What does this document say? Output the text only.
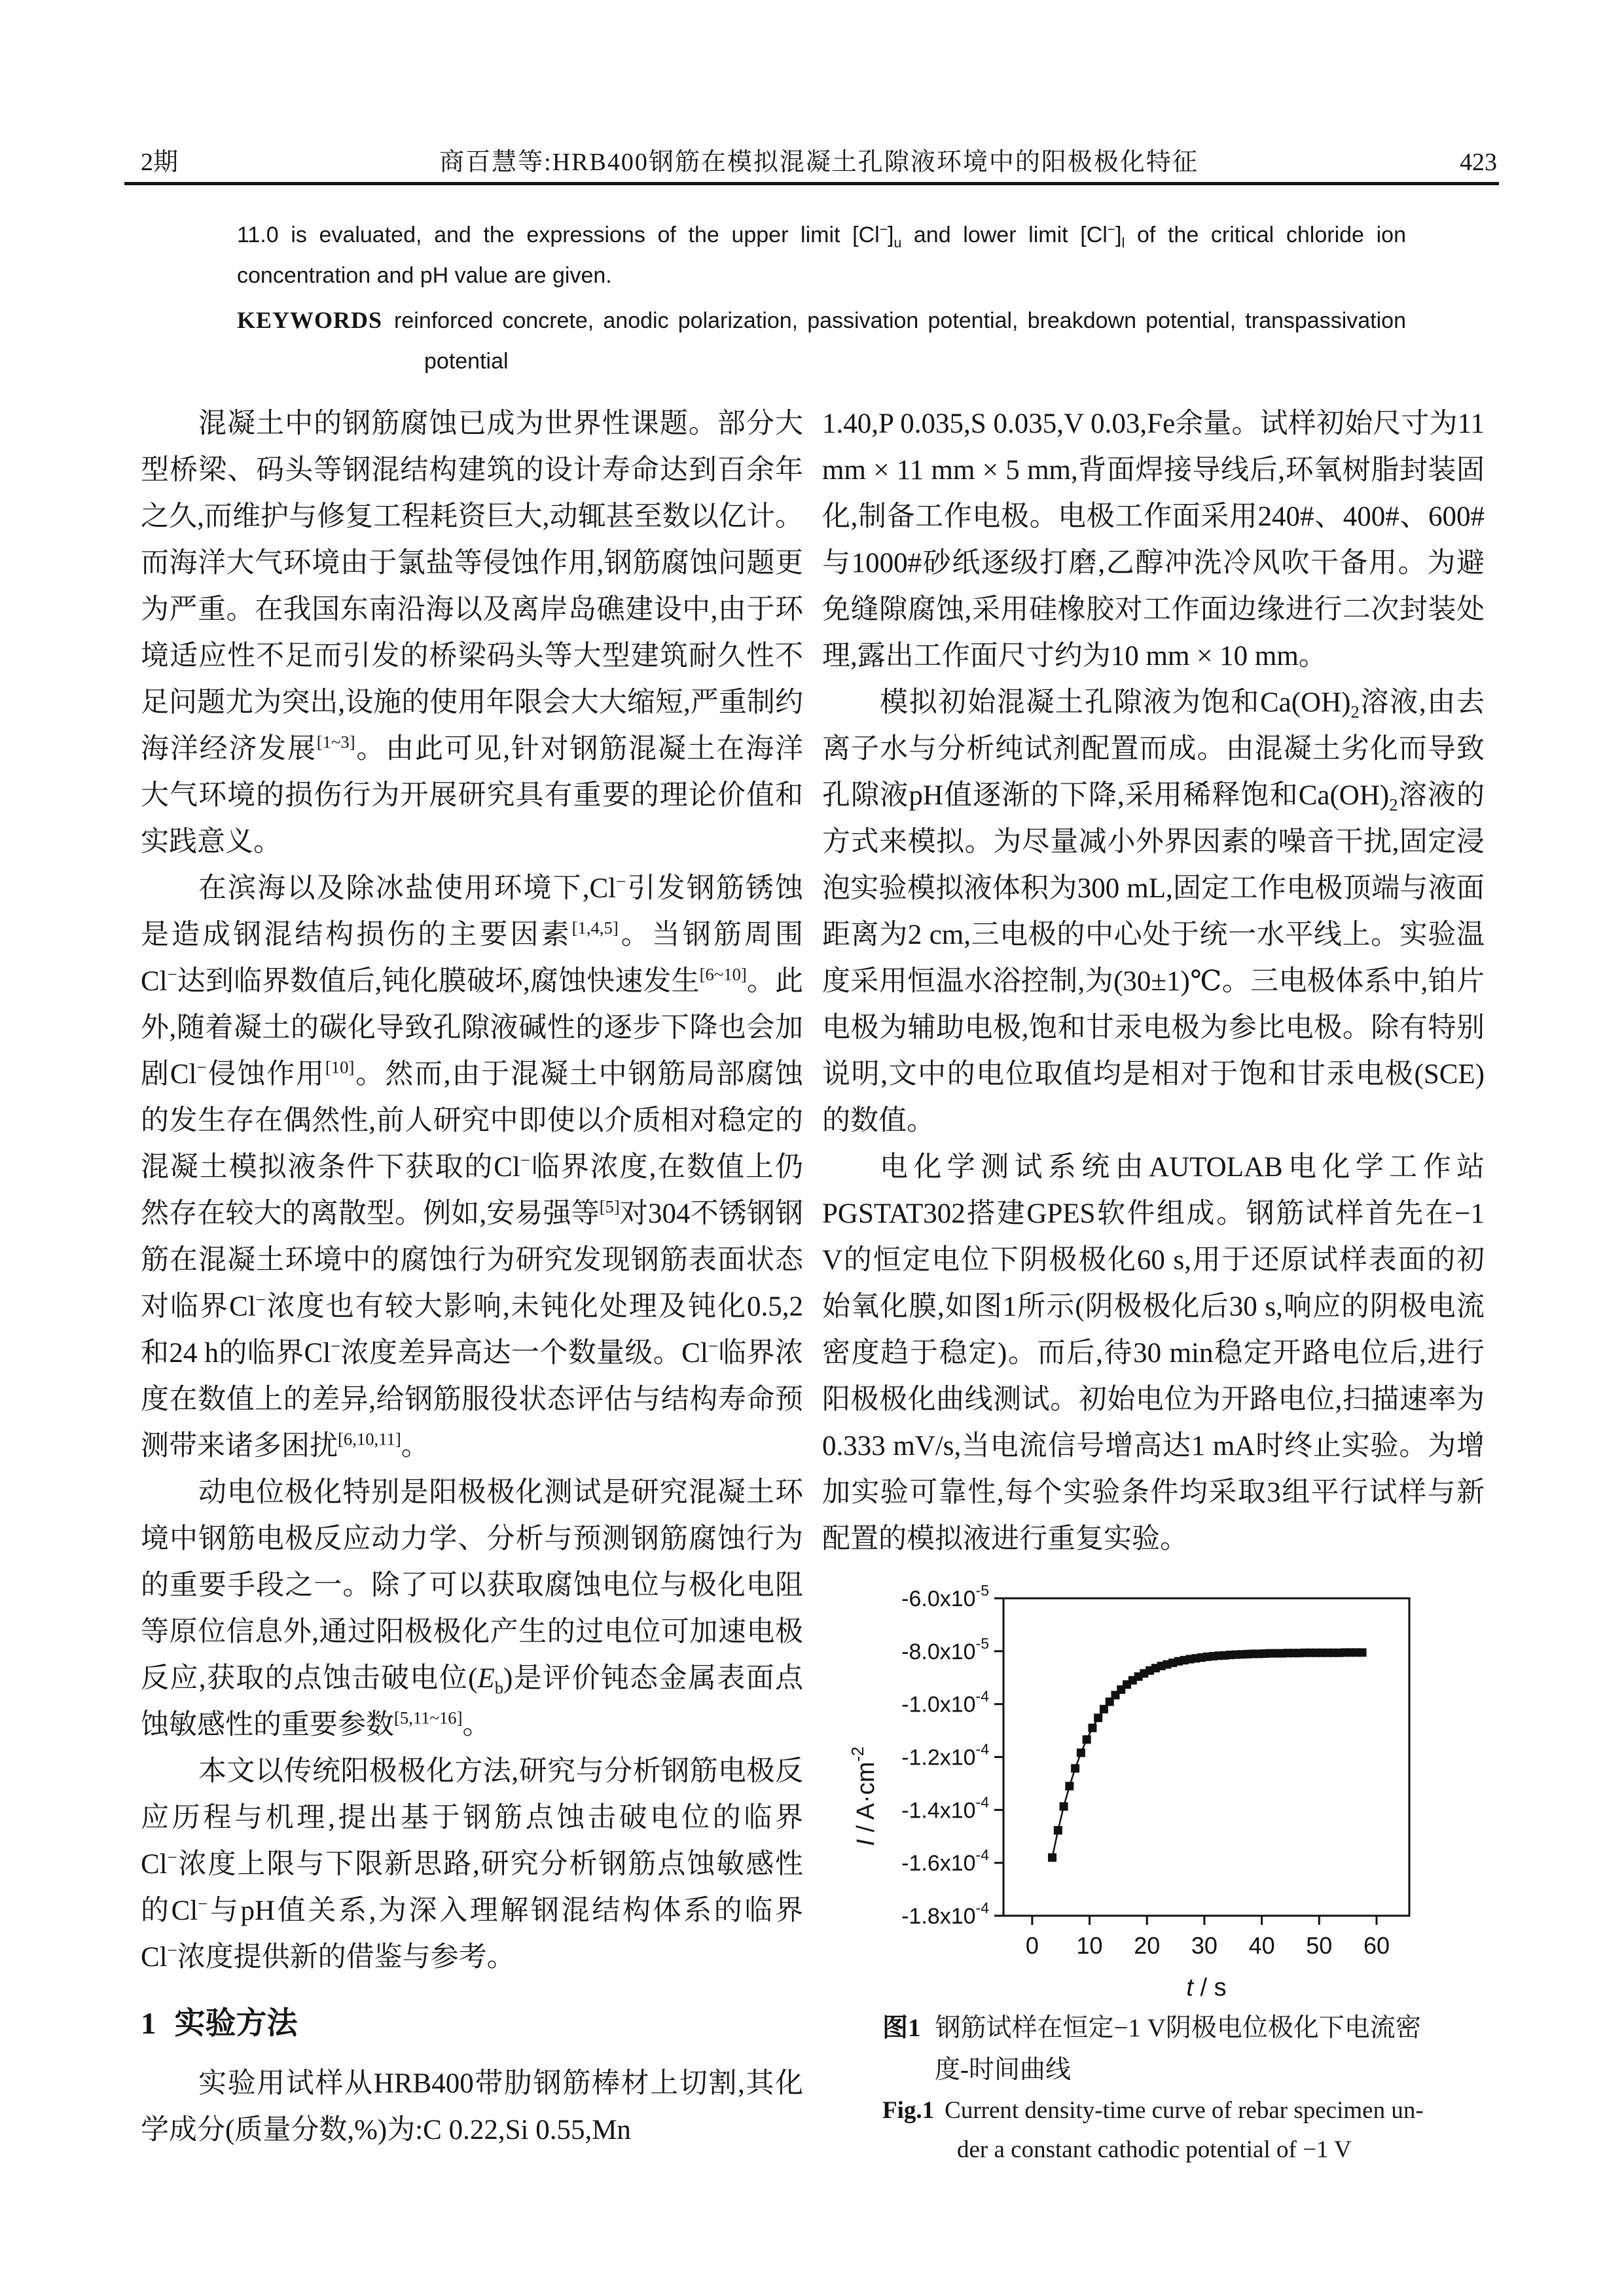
2期	商百慧等:HRB400钢筋在模拟混凝土孔隙液环境中的阳极极化特征	423

11.0 is evaluated, and the expressions of the upper limit $[Cl^-]_u$ and lower limit $[Cl^-]_l$ of the critical chloride ion concentration and pH value are given.

KEYWORDS reinforced concrete, anodic polarization, passivation potential, breakdown potential, transpassivation potential

混凝土中的钢筋腐蚀已成为世界性课题。部分大型桥梁、码头等钢混结构建筑的设计寿命达到百余年之久,而维护与修复工程耗资巨大,动辄甚至数以亿计。而海洋大气环境由于氯盐等侵蚀作用,钢筋腐蚀问题更为严重。在我国东南沿海以及离岸岛礁建设中,由于环境适应性不足而引发的桥梁码头等大型建筑耐久性不足问题尤为突出,设施的使用年限会大大缩短,严重制约海洋经济发展[1~3]。由此可见,针对钢筋混凝土在海洋大气环境的损伤行为开展研究具有重要的理论价值和实践意义。

在滨海以及除冰盐使用环境下,Cl−引发钢筋锈蚀是造成钢混结构损伤的主要因素[1,4,5]。当钢筋周围Cl−达到临界数值后,钝化膜破坏,腐蚀快速发生[6~10]。此外,随着凝土的碳化导致孔隙液碱性的逐步下降也会加剧Cl−侵蚀作用[10]。然而,由于混凝土中钢筋局部腐蚀的发生存在偶然性,前人研究中即使以介质相对稳定的混凝土模拟液条件下获取的Cl−临界浓度,在数值上仍然存在较大的离散型。例如,安易强等[5]对304不锈钢钢筋在混凝土环境中的腐蚀行为研究发现钢筋表面状态对临界Cl−浓度也有较大影响,未钝化处理及钝化0.5,2和24 h的临界Cl−浓度差异高达一个数量级。Cl−临界浓度在数值上的差异,给钢筋服役状态评估与结构寿命预测带来诸多困扰[6,10,11]。

动电位极化特别是阳极极化测试是研究混凝土环境中钢筋电极反应动力学、分析与预测钢筋腐蚀行为的重要手段之一。除了可以获取腐蚀电位与极化电阻等原位信息外,通过阳极极化产生的过电位可加速电极反应,获取的点蚀击破电位$(E_b)$是评价钝态金属表面点蚀敏感性的重要参数[5,11~16]。

本文以传统阳极极化方法,研究与分析钢筋电极反应历程与机理,提出基于钢筋点蚀击破电位的临界Cl−浓度上限与下限新思路,研究分析钢筋点蚀敏感性的Cl−与pH值关系,为深入理解钢混结构体系的临界Cl−浓度提供新的借鉴与参考。

1 实验方法

实验用试样从HRB400带肋钢筋棒材上切割,其化学成分(质量分数,%)为:C 0.22,Si 0.55,Mn

1.40,P 0.035,S 0.035,V 0.03,Fe余量。试样初始尺寸为11 mm × 11 mm × 5 mm,背面焊接导线后,环氧树脂封装固化,制备工作电极。电极工作面采用240#、400#、600#与1000#砂纸逐级打磨,乙醇冲洗冷风吹干备用。为避免缝隙腐蚀,采用硅橡胶对工作面边缘进行二次封装处理,露出工作面尺寸约为10 mm × 10 mm。

模拟初始混凝土孔隙液为饱和$Ca(OH)_2$溶液,由去离子水与分析纯试剂配置而成。由混凝土劣化而导致孔隙液pH值逐渐的下降,采用稀释饱和$Ca(OH)_2$溶液的方式来模拟。为尽量减小外界因素的噪音干扰,固定浸泡实验模拟液体积为300 mL,固定工作电极顶端与液面距离为2 cm,三电极的中心处于统一水平线上。实验温度采用恒温水浴控制,为(30±1)℃。三电极体系中,铂片电极为辅助电极,饱和甘汞电极为参比电极。除有特别说明,文中的电位取值均是相对于饱和甘汞电极(SCE)的数值。

电化学测试系统由AUTOLAB电化学工作站PGSTAT302搭建GPES软件组成。钢筋试样首先在−1 V的恒定电位下阴极极化60 s,用于还原试样表面的初始氧化膜,如图1所示(阴极极化后30 s,响应的阴极电流密度趋于稳定)。而后,待30 min稳定开路电位后,进行阳极极化曲线测试。初始电位为开路电位,扫描速率为0.333 mV/s,当电流信号增高达1 mA时终止实验。为增加实验可靠性,每个实验条件均采取3组平行试样与新配置的模拟液进行重复实验。

$-6.0x10^{-5}$
$-8.0x10^{-5}$
$-1.0x10^{-4}$
$-1.2x10^{-4}$
$-1.4x10^{-4}$
$-1.6x10^{-4}$
$-1.8x10^{-4}$
0 10 20 30 40 50 60
t / s
$I / A\cdot cm^{-2}$
图1 钢筋试样在恒定−1 V阴极电位极化下电流密
度-时间曲线
Fig.1 Current density-time curve of rebar specimen un-
der a constant cathodic potential of −1 V
